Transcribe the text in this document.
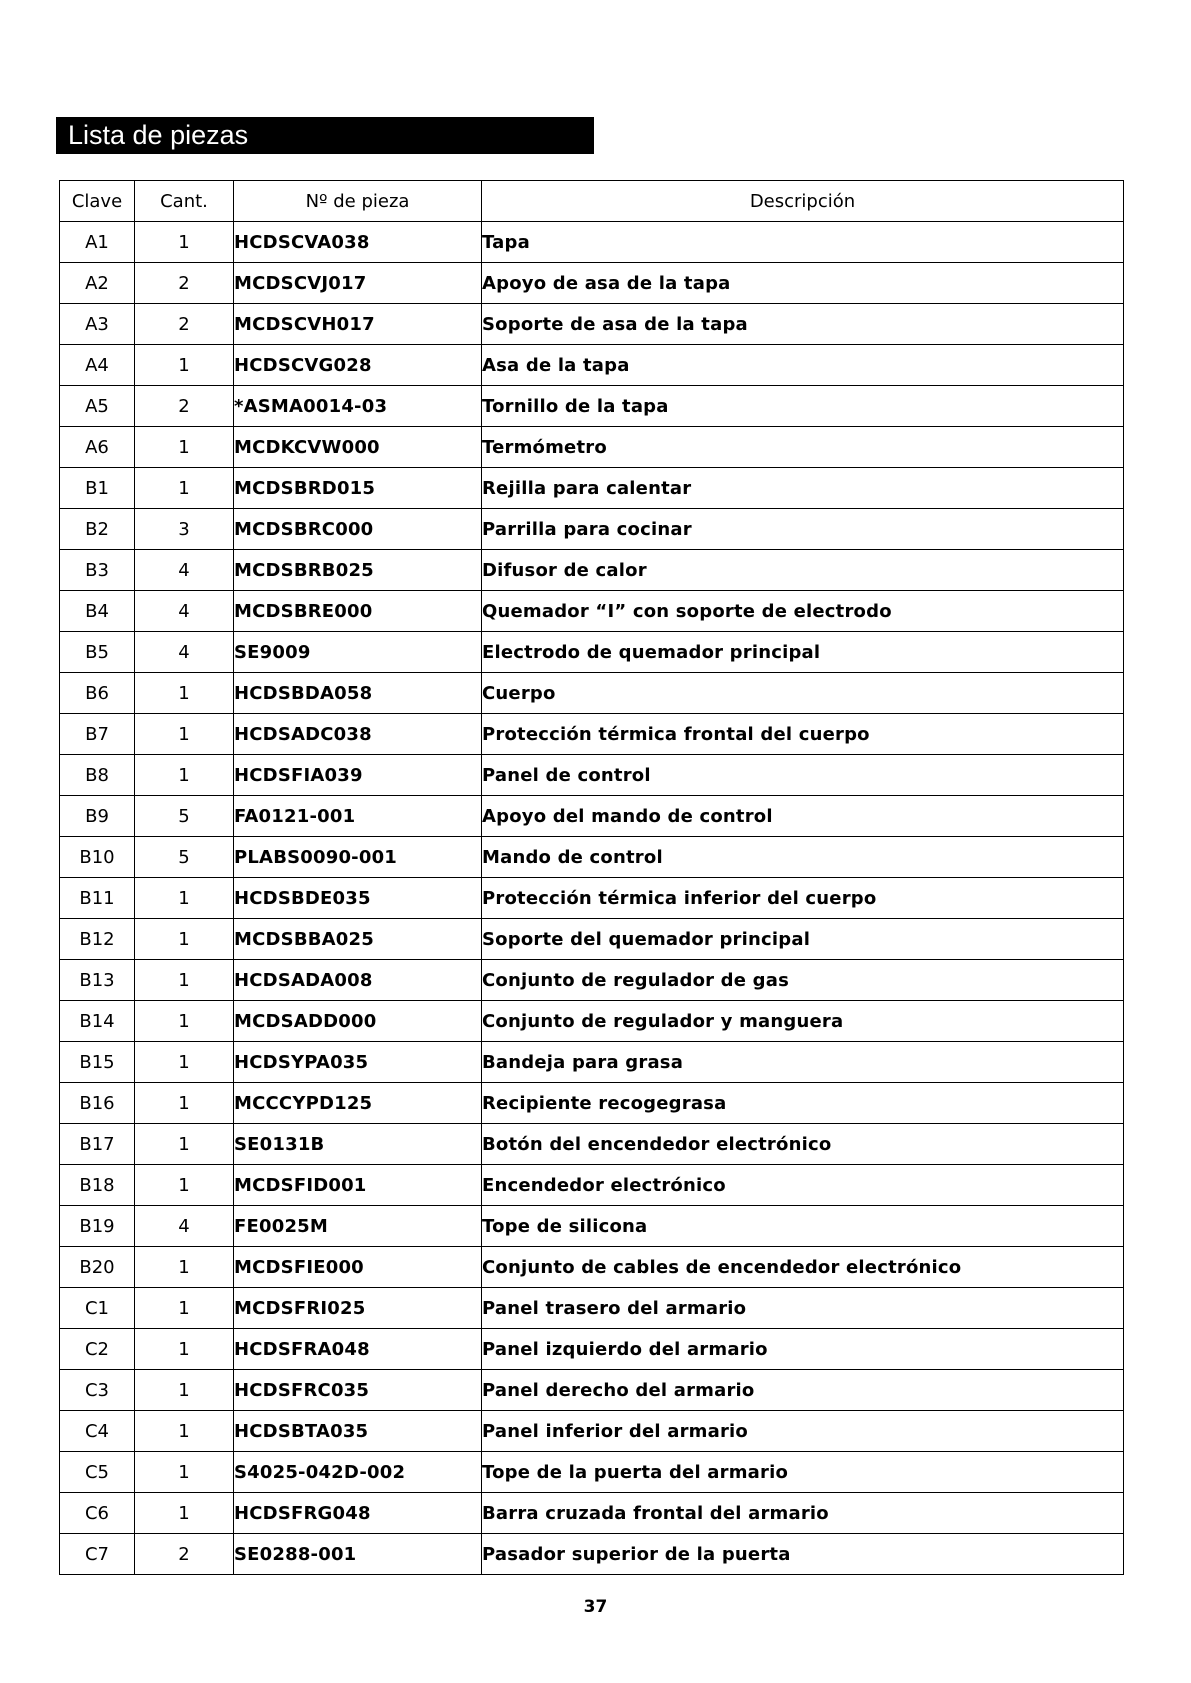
Lista de piezas
Clave	Cant.	Nº de pieza	Descripción
A1	1	HCDSCVA038	Tapa
A2	2	MCDSCVJ017	Apoyo de asa de la tapa
A3	2	MCDSCVH017	Soporte de asa de la tapa
A4	1	HCDSCVG028	Asa de la tapa
A5	2	*ASMA0014-03	Tornillo de la tapa
A6	1	MCDKCVW000	Termómetro
B1	1	MCDSBRD015	Rejilla para calentar
B2	3	MCDSBRC000	Parrilla para cocinar
B3	4	MCDSBRB025	Difusor de calor
B4	4	MCDSBRE000	Quemador “I” con soporte de electrodo
B5	4	SE9009	Electrodo de quemador principal
B6	1	HCDSBDA058	Cuerpo
B7	1	HCDSADC038	Protección térmica frontal del cuerpo
B8	1	HCDSFIA039	Panel de control
B9	5	FA0121-001	Apoyo del mando de control
B10	5	PLABS0090-001	Mando de control
B11	1	HCDSBDE035	Protección térmica inferior del cuerpo
B12	1	MCDSBBA025	Soporte del quemador principal
B13	1	HCDSADA008	Conjunto de regulador de gas
B14	1	MCDSADD000	Conjunto de regulador y manguera
B15	1	HCDSYPA035	Bandeja para grasa
B16	1	MCCCYPD125	Recipiente recogegrasa
B17	1	SE0131B	Botón del encendedor electrónico
B18	1	MCDSFID001	Encendedor electrónico
B19	4	FE0025M	Tope de silicona
B20	1	MCDSFIE000	Conjunto de cables de encendedor electrónico
C1	1	MCDSFRI025	Panel trasero del armario
C2	1	HCDSFRA048	Panel izquierdo del armario
C3	1	HCDSFRC035	Panel derecho del armario
C4	1	HCDSBTA035	Panel inferior del armario
C5	1	S4025-042D-002	Tope de la puerta del armario
C6	1	HCDSFRG048	Barra cruzada frontal del armario
C7	2	SE0288-001	Pasador superior de la puerta
37
